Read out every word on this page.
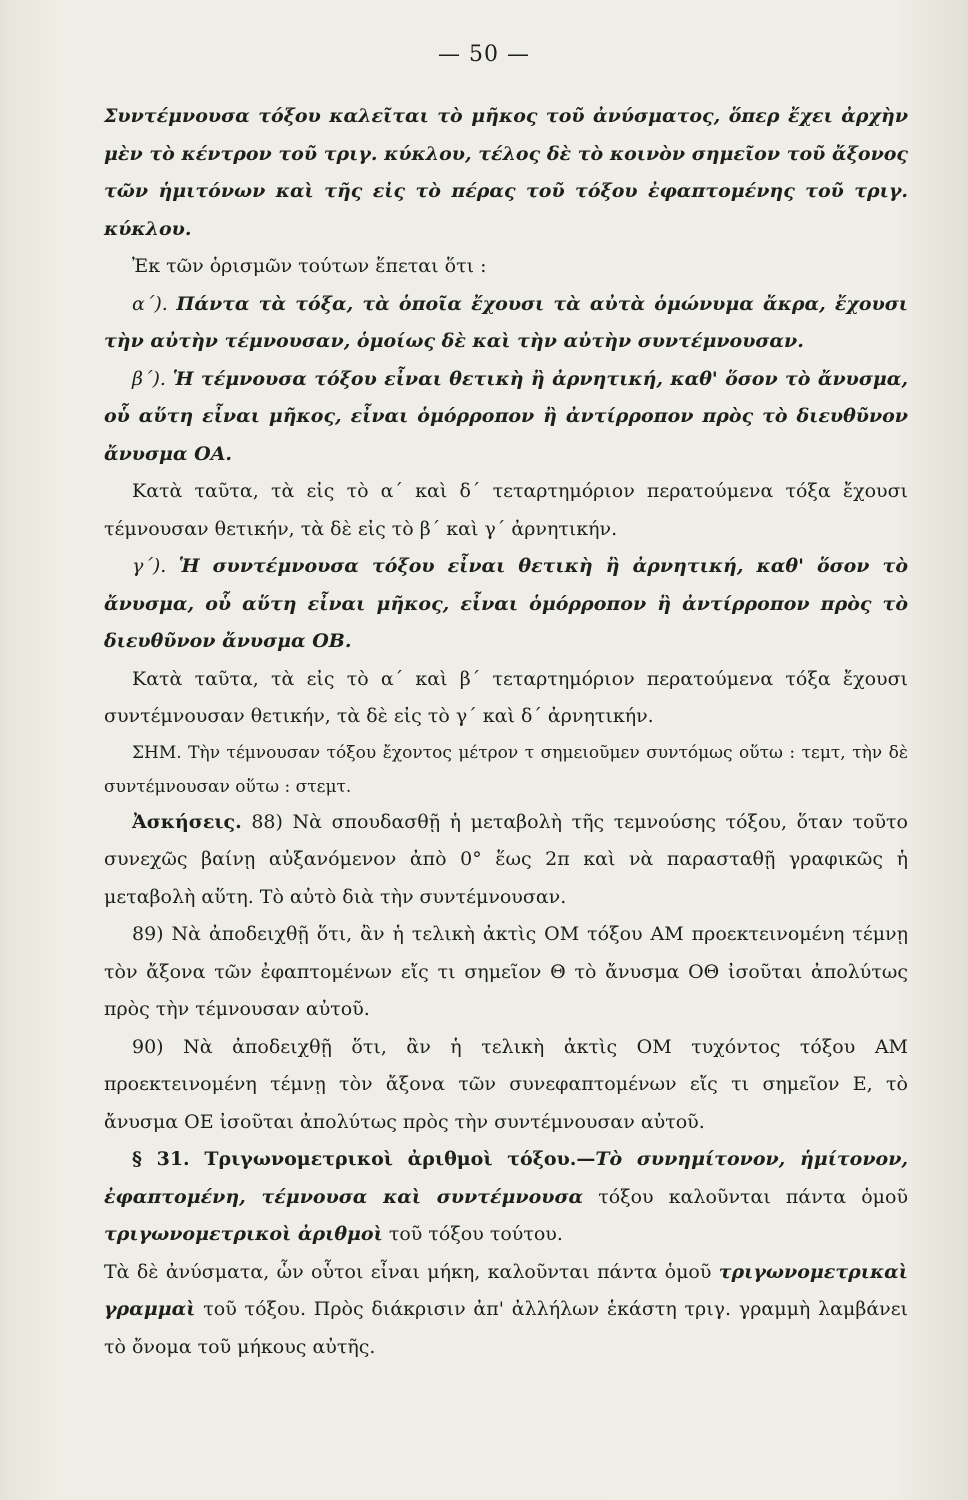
— 50 —

Συντέμνουσα τόξου καλεῖται τὸ μῆκος τοῦ ἀνύσματος, ὅπερ ἔχει ἀρχὴν μὲν τὸ κέντρον τοῦ τριγ. κύκλου, τέλος δὲ τὸ κοινὸν σημεῖον τοῦ ἄξονος τῶν ἡμιτόνων καὶ τῆς εἰς τὸ πέρας τοῦ τόξου ἐφαπτομένης τοῦ τριγ. κύκλου.

Ἐκ τῶν ὁρισμῶν τούτων ἕπεται ὅτι :

α΄). Πάντα τὰ τόξα, τὰ ὁποῖα ἔχουσι τὰ αὐτὰ ὁμώνυμα ἄκρα, ἔχουσι τὴν αὐτὴν τέμνουσαν, ὁμοίως δὲ καὶ τὴν αὐτὴν συντέμνουσαν.

β΄). Ἡ τέμνουσα τόξου εἶναι θετικὴ ἢ ἀρνητική, καθ' ὅσον τὸ ἄνυσμα, οὗ αὕτη εἶναι μῆκος, εἶναι ὁμόρροπον ἢ ἀντίρροπον πρὸς τὸ διευθῦνον ἄνυσμα ΟΑ.

Κατὰ ταῦτα, τὰ εἰς τὸ α΄ καὶ δ΄ τεταρτημόριον περατούμενα τόξα ἔχουσι τέμνουσαν θετικήν, τὰ δὲ εἰς τὸ β΄ καὶ γ΄ ἀρνητικήν.

γ΄). Ἡ συντέμνουσα τόξου εἶναι θετικὴ ἢ ἀρνητική, καθ' ὅσον τὸ ἄνυσμα, οὗ αὕτη εἶναι μῆκος, εἶναι ὁμόρροπον ἢ ἀντίρροπον πρὸς τὸ διευθῦνον ἄνυσμα ΟΒ.

Κατὰ ταῦτα, τὰ εἰς τὸ α΄ καὶ β΄ τεταρτημόριον περατούμενα τόξα ἔχουσι συντέμνουσαν θετικήν, τὰ δὲ εἰς τὸ γ΄ καὶ δ΄ ἀρνητικήν.

ΣΗΜ. Τὴν τέμνουσαν τόξου ἔχοντος μέτρον τ σημειοῦμεν συντόμως οὕτω : τεμτ, τὴν δὲ συντέμνουσαν οὕτω : στεμτ.

Ἀσκήσεις. 88) Νὰ σπουδασθῇ ἡ μεταβολὴ τῆς τεμνούσης τόξου, ὅταν τοῦτο συνεχῶς βαίνῃ αὐξανόμενον ἀπὸ 0° ἕως 2π καὶ νὰ παρασταθῇ γραφικῶς ἡ μεταβολὴ αὕτη. Τὸ αὐτὸ διὰ τὴν συντέμνουσαν.

89) Νὰ ἀποδειχθῇ ὅτι, ἂν ἡ τελικὴ ἀκτὶς ΟΜ τόξου ΑΜ προεκτεινομένη τέμνῃ τὸν ἄξονα τῶν ἐφαπτομένων εἴς τι σημεῖον Θ τὸ ἄνυσμα ΟΘ ἰσοῦται ἀπολύτως πρὸς τὴν τέμνουσαν αὐτοῦ.

90) Νὰ ἀποδειχθῇ ὅτι, ἂν ἡ τελικὴ ἀκτὶς ΟΜ τυχόντος τόξου ΑΜ προεκτεινομένη τέμνῃ τὸν ἄξονα τῶν συνεφαπτομένων εἴς τι σημεῖον Ε, τὸ ἄνυσμα ΟΕ ἰσοῦται ἀπολύτως πρὸς τὴν συντέμνουσαν αὐτοῦ.

§ 31. Τριγωνομετρικοὶ ἀριθμοὶ τόξου.—Τὸ συνημίτονον, ἡμίτονον, ἐφαπτομένη, τέμνουσα καὶ συντέμνουσα τόξου καλοῦνται πάντα ὁμοῦ τριγωνομετρικοὶ ἀριθμοὶ τοῦ τόξου τούτου.

Τὰ δὲ ἀνύσματα, ὧν οὗτοι εἶναι μήκη, καλοῦνται πάντα ὁμοῦ τριγωνομετρικαὶ γραμμαὶ τοῦ τόξου. Πρὸς διάκρισιν ἀπ' ἀλλήλων ἑκάστη τριγ. γραμμὴ λαμβάνει τὸ ὄνομα τοῦ μήκους αὐτῆς.
